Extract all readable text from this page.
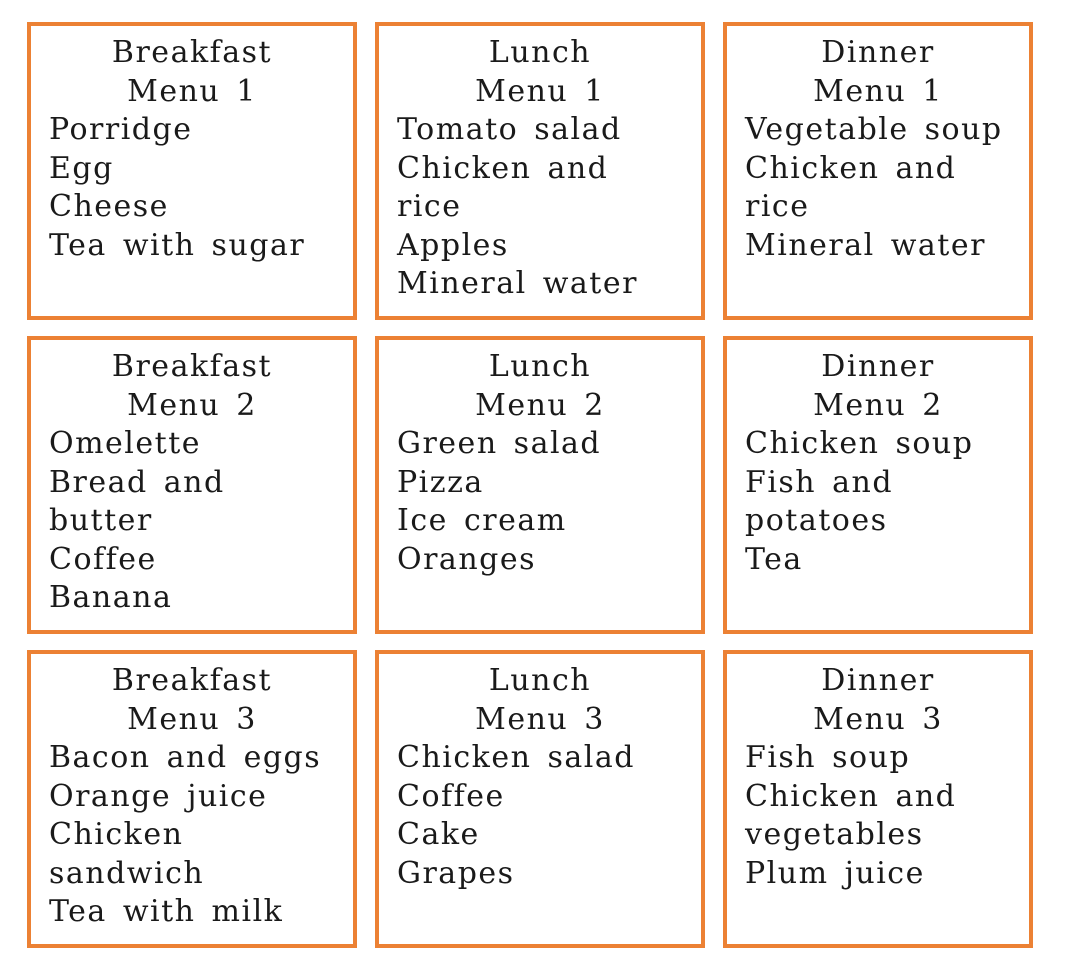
Breakfast
Menu 1
Porridge
Egg
Cheese
Tea with sugar
Lunch
Menu 1
Tomato salad
Chicken and
rice
Apples
Mineral water
Dinner
Menu 1
Vegetable soup
Chicken and
rice
Mineral water
Breakfast
Menu 2
Omelette
Bread and
butter
Coffee
Banana
Lunch
Menu 2
Green salad
Pizza
Ice cream
Oranges
Dinner
Menu 2
Chicken soup
Fish and
potatoes
Tea
Breakfast
Menu 3
Bacon and eggs
Orange juice
Chicken
sandwich
Tea with milk
Lunch
Menu 3
Chicken salad
Coffee
Cake
Grapes
Dinner
Menu 3
Fish soup
Chicken and
vegetables
Plum juice
